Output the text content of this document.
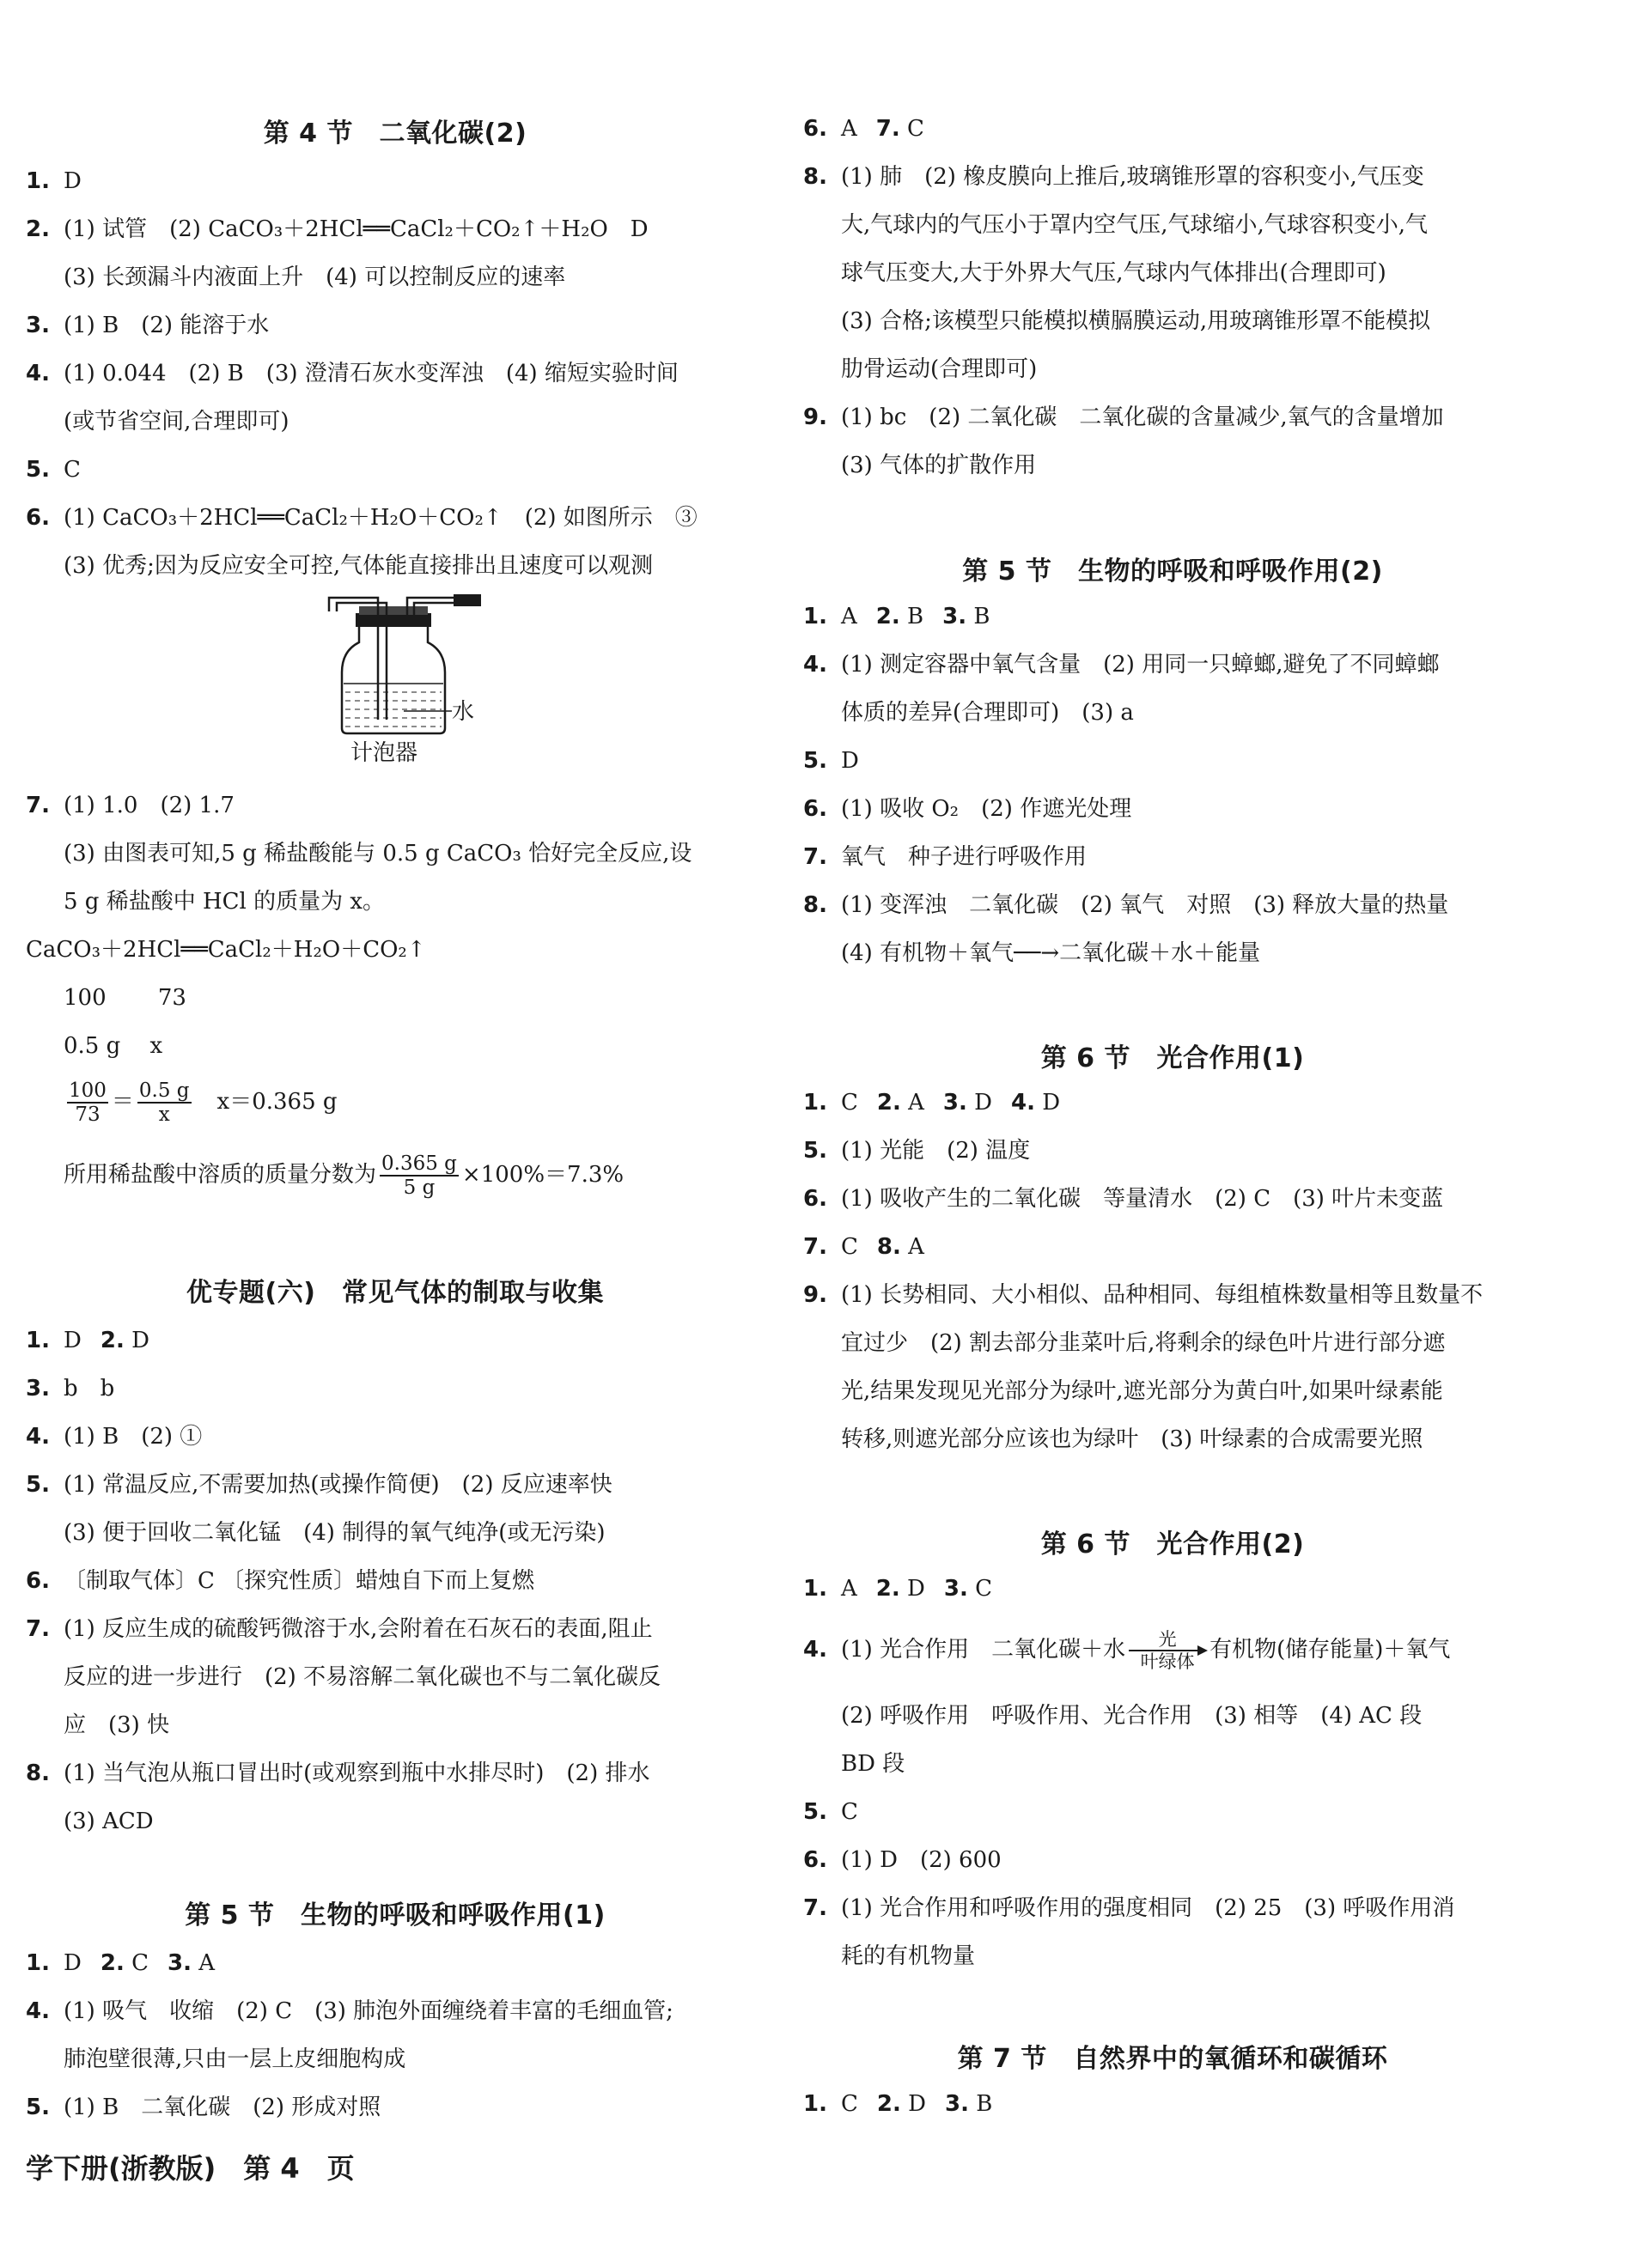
第 4 节　二氧化碳(2)
1. D
2. (1) 试管　(2) CaCO₃＋2HCl══CaCl₂＋CO₂↑＋H₂O　D
(3) 长颈漏斗内液面上升　(4) 可以控制反应的速率
3. (1) B　(2) 能溶于水
4. (1) 0.044　(2) B　(3) 澄清石灰水变浑浊　(4) 缩短实验时间
(或节省空间,合理即可)
5. C
6. (1) CaCO₃＋2HCl══CaCl₂＋H₂O＋CO₂↑　(2) 如图所示　③
(3) 优秀;因为反应安全可控,气体能直接排出且速度可以观测
水
计泡器
7. (1) 1.0　(2) 1.7
(3) 由图表可知,5 g 稀盐酸能与 0.5 g CaCO₃ 恰好完全反应,设
5 g 稀盐酸中 HCl 的质量为 x。
CaCO₃＋2HCl══CaCl₂＋H₂O＋CO₂↑
100　　 73
0.5 g　 x
$\frac{100}{73} = \frac{0.5 g}{x}$ 　x＝0.365 g
所用稀盐酸中溶质的质量分数为 $\frac{0.365 g}{5 g} \times 100\%=7.3\%$
优专题(六)　常见气体的制取与收集
1. D 2. D
3. b　b
4. (1) B　(2) ①
5. (1) 常温反应,不需要加热(或操作简便)　(2) 反应速率快
(3) 便于回收二氧化锰　(4) 制得的氧气纯净(或无污染)
6. 〔制取气体〕C 〔探究性质〕蜡烛自下而上复燃
7. (1) 反应生成的硫酸钙微溶于水,会附着在石灰石的表面,阻止
反应的进一步进行　(2) 不易溶解二氧化碳也不与二氧化碳反
应　(3) 快
8. (1) 当气泡从瓶口冒出时(或观察到瓶中水排尽时)　(2) 排水
(3) ACD
第 5 节　生物的呼吸和呼吸作用(1)
1. D 2. C 3. A
4. (1) 吸气　收缩　(2) C　(3) 肺泡外面缠绕着丰富的毛细血管;
肺泡壁很薄,只由一层上皮细胞构成
5. (1) B　二氧化碳　(2) 形成对照
学下册(浙教版)　第 4　页
6. A 7. C
8. (1) 肺　(2) 橡皮膜向上推后,玻璃锥形罩的容积变小,气压变
大,气球内的气压小于罩内空气压,气球缩小,气球容积变小,气
球气压变大,大于外界大气压,气球内气体排出(合理即可)
(3) 合格;该模型只能模拟横膈膜运动,用玻璃锥形罩不能模拟
肋骨运动(合理即可)
9. (1) bc　(2) 二氧化碳　二氧化碳的含量减少,氧气的含量增加
(3) 气体的扩散作用
第 5 节　生物的呼吸和呼吸作用(2)
1. A 2. B 3. B
4. (1) 测定容器中氧气含量　(2) 用同一只蟑螂,避免了不同蟑螂
体质的差异(合理即可)　(3) a
5. D
6. (1) 吸收 O₂　(2) 作遮光处理
7. 氧气　种子进行呼吸作用
8. (1) 变浑浊　二氧化碳　(2) 氧气　对照　(3) 释放大量的热量
(4) 有机物＋氧气──→二氧化碳＋水＋能量
第 6 节　光合作用(1)
1. C 2. A 3. D 4. D
5. (1) 光能　(2) 温度
6. (1) 吸收产生的二氧化碳　等量清水　(2) C　(3) 叶片未变蓝
7. C 8. A
9. (1) 长势相同、大小相似、品种相同、每组植株数量相等且数量不
宜过少　(2) 割去部分韭菜叶后,将剩余的绿色叶片进行部分遮
光,结果发现见光部分为绿叶,遮光部分为黄白叶,如果叶绿素能
转移,则遮光部分应该也为绿叶　(3) 叶绿素的合成需要光照
第 6 节　光合作用(2)
1. A 2. D 3. C
4. (1) 光合作用　二氧化碳＋水	光
叶绿体 有机物(储存能量)＋氧气
(2) 呼吸作用　呼吸作用、光合作用　(3) 相等　(4) AC 段
BD 段
5. C
6. (1) D　(2) 600
7. (1) 光合作用和呼吸作用的强度相同　(2) 25　(3) 呼吸作用消
耗的有机物量
第 7 节　自然界中的氧循环和碳循环
1. C 2. D 3. B
